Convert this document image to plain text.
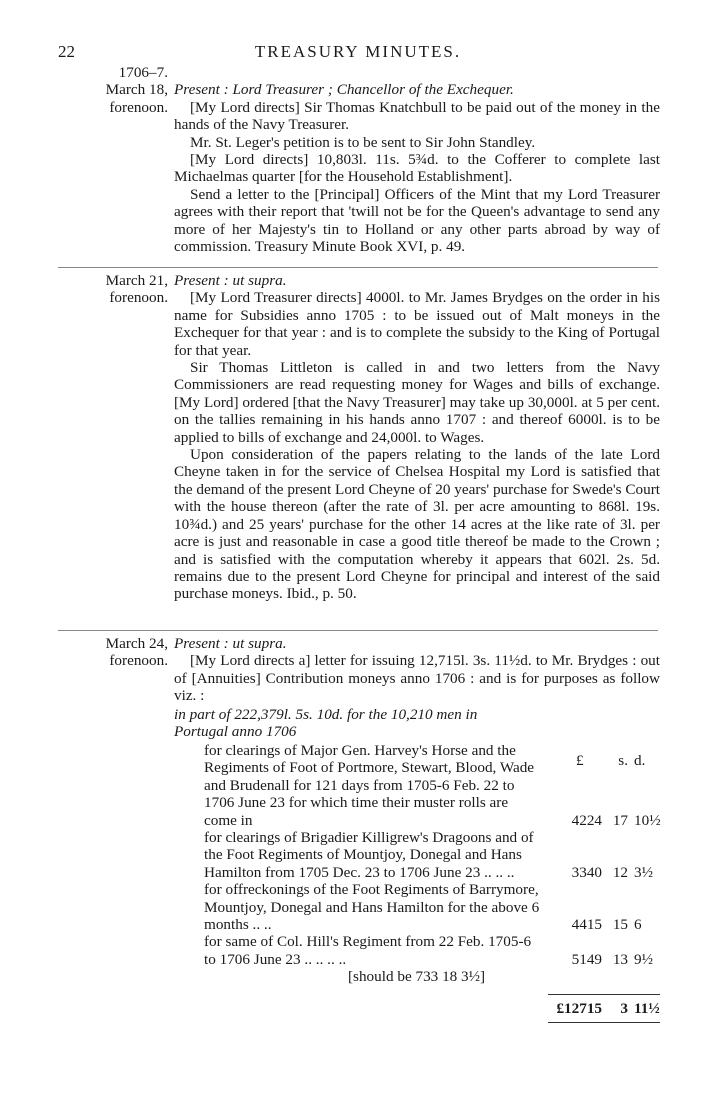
22	TREASURY MINUTES.
1706–7.
March 18,
forenoon.

Present : Lord Treasurer ; Chancellor of the Exchequer.

[My Lord directs] Sir Thomas Knatchbull to be paid out of the money in the hands of the Navy Treasurer.

Mr. St. Leger's petition is to be sent to Sir John Standley.

[My Lord directs] 10,803l. 11s. 5¾d. to the Cofferer to complete last Michaelmas quarter [for the Household Establishment].

Send a letter to the [Principal] Officers of the Mint that my Lord Treasurer agrees with their report that 'twill not be for the Queen's advantage to send any more of her Majesty's tin to Holland or any other parts abroad by way of commission. Treasury Minute Book XVI, p. 49.

March 21,
forenoon.

Present : ut supra.

[My Lord Treasurer directs] 4000l. to Mr. James Brydges on the order in his name for Subsidies anno 1705 : to be issued out of Malt moneys in the Exchequer for that year : and is to complete the subsidy to the King of Portugal for that year.

Sir Thomas Littleton is called in and two letters from the Navy Commissioners are read requesting money for Wages and bills of exchange. [My Lord] ordered [that the Navy Treasurer] may take up 30,000l. at 5 per cent. on the tallies remaining in his hands anno 1707 : and thereof 6000l. is to be applied to bills of exchange and 24,000l. to Wages.

Upon consideration of the papers relating to the lands of the late Lord Cheyne taken in for the service of Chelsea Hospital my Lord is satisfied that the demand of the present Lord Cheyne of 20 years' purchase for Swede's Court with the house thereon (after the rate of 3l. per acre amounting to 868l. 19s. 10¾d.) and 25 years' purchase for the other 14 acres at the like rate of 3l. per acre is just and reasonable in case a good title thereof be made to the Crown ; and is satisfied with the computation whereby it appears that 602l. 2s. 5d. remains due to the present Lord Cheyne for principal and interest of the said purchase moneys. Ibid., p. 50.

March 24,
forenoon.

Present : ut supra.

[My Lord directs a] letter for issuing 12,715l. 3s. 11½d. to Mr. Brydges : out of [Annuities] Contribution moneys anno 1706 : and is for purposes as follow viz. :

in part of 222,379l. 5s. 10d. for the 10,210 men in Portugal anno 1706
£	s. d.
for clearings of Major Gen. Harvey's Horse and the Regiments of Foot of Portmore, Stewart, Blood, Wade and Brudenall for 121 days from 1705-6 Feb. 22 to 1706 June 23 for which time their muster rolls are come in	4224 17 10½
for clearings of Brigadier Killigrew's Dragoons and of the Foot Regiments of Mountjoy, Donegal and Hans Hamilton from 1705 Dec. 23 to 1706 June 23 .. .. ..	3340 12 3½
for offreckonings of the Foot Regiments of Barrymore, Mountjoy, Donegal and Hans Hamilton for the above 6 months .. ..	4415 15 6
for same of Col. Hill's Regiment from 22 Feb. 1705-6 to 1706 June 23 .. .. .. ..	5149 13 9½
[should be 733 18 3½]
£12715	3 11½
